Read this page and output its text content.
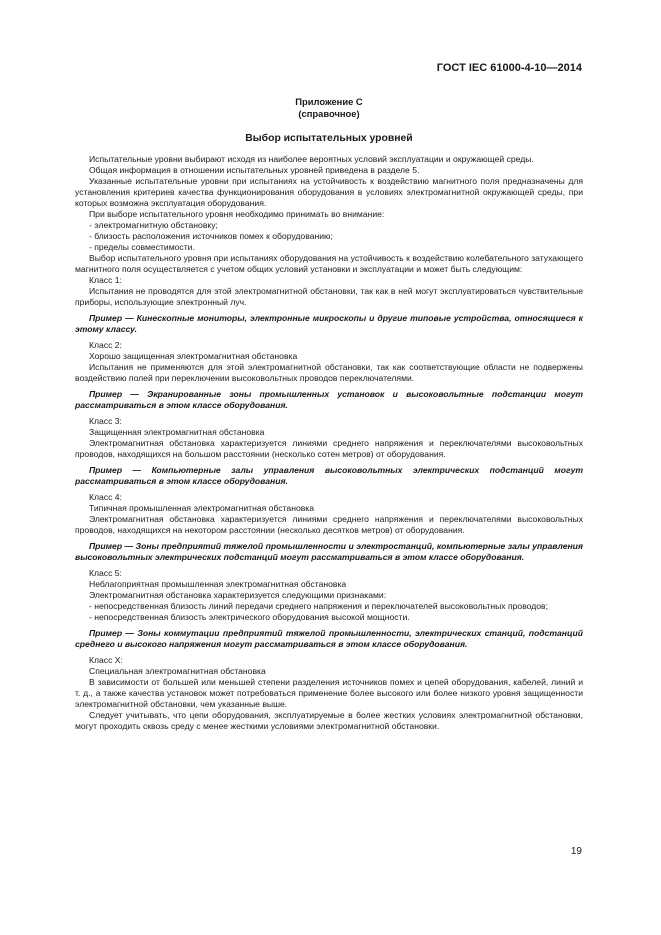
ГОСТ IEC 61000-4-10—2014
Приложение С
(справочное)
Выбор испытательных уровней

Испытательные уровни выбирают исходя из наиболее вероятных условий эксплуатации и окружающей среды.

Общая информация в отношении испытательных уровней приведена в разделе 5.

Указанные испытательные уровни при испытаниях на устойчивость к воздействию магнитного поля предназначены для установления критериев качества функционирования оборудования в условиях электромагнитной окружающей среды, при которых возможна эксплуатация оборудования.

При выборе испытательного уровня необходимо принимать во внимание:

- электромагнитную обстановку;

- близость расположения источников помех к оборудованию;

- пределы совместимости.

Выбор испытательного уровня при испытаниях оборудования на устойчивость к воздействию колебательного затухающего магнитного поля осуществляется с учетом общих условий установки и эксплуатации и может быть следующим:

Класс 1:

Испытания не проводятся для этой электромагнитной обстановки, так как в ней могут эксплуатироваться чувствительные приборы, использующие электронный луч.

Пример — Кинескопные мониторы, электронные микроскопы и другие типовые устройства, относящиеся к этому классу.

Класс 2:

Хорошо защищенная электромагнитная обстановка

Испытания не применяются для этой электромагнитной обстановки, так как соответствующие области не подвержены воздействию полей при переключении высоковольтных проводов переключателями.

Пример — Экранированные зоны промышленных установок и высоковольтные подстанции могут рассматриваться в этом классе оборудования.

Класс 3:

Защищенная электромагнитная обстановка

Электромагнитная обстановка характеризуется линиями среднего напряжения и переключателями высоковольтных проводов, находящихся на большом расстоянии (несколько сотен метров) от оборудования.

Пример — Компьютерные залы управления высоковольтных электрических подстанций могут рассматриваться в этом классе оборудования.

Класс 4:

Типичная промышленная электромагнитная обстановка

Электромагнитная обстановка характеризуется линиями среднего напряжения и переключателями высоковольтных проводов, находящихся на некотором расстоянии (несколько десятков метров) от оборудования.

Пример — Зоны предприятий тяжелой промышленности и электростанций, компьютерные залы управления высоковольтных электрических подстанций могут рассматриваться в этом классе оборудования.

Класс 5:

Неблагоприятная промышленная электромагнитная обстановка

Электромагнитная обстановка характеризуется следующими признаками:

- непосредственная близость линий передачи среднего напряжения и переключателей высоковольтных проводов;

- непосредственная близость электрического оборудования высокой мощности.

Пример — Зоны коммутации предприятий тяжелой промышленности, электрических станций, подстанций среднего и высокого напряжения могут рассматриваться в этом классе оборудования.

Класс X:

Специальная электромагнитная обстановка

В зависимости от большей или меньшей степени разделения источников помех и цепей оборудования, кабелей, линий и т. д., а также качества установок может потребоваться применение более высокого или более низкого уровня защищенности электромагнитной обстановки, чем указанные выше.

Следует учитывать, что цепи оборудования, эксплуатируемые в более жестких условиях электромагнитной обстановки, могут проходить сквозь среду с менее жесткими условиями электромагнитной обстановки.

19
